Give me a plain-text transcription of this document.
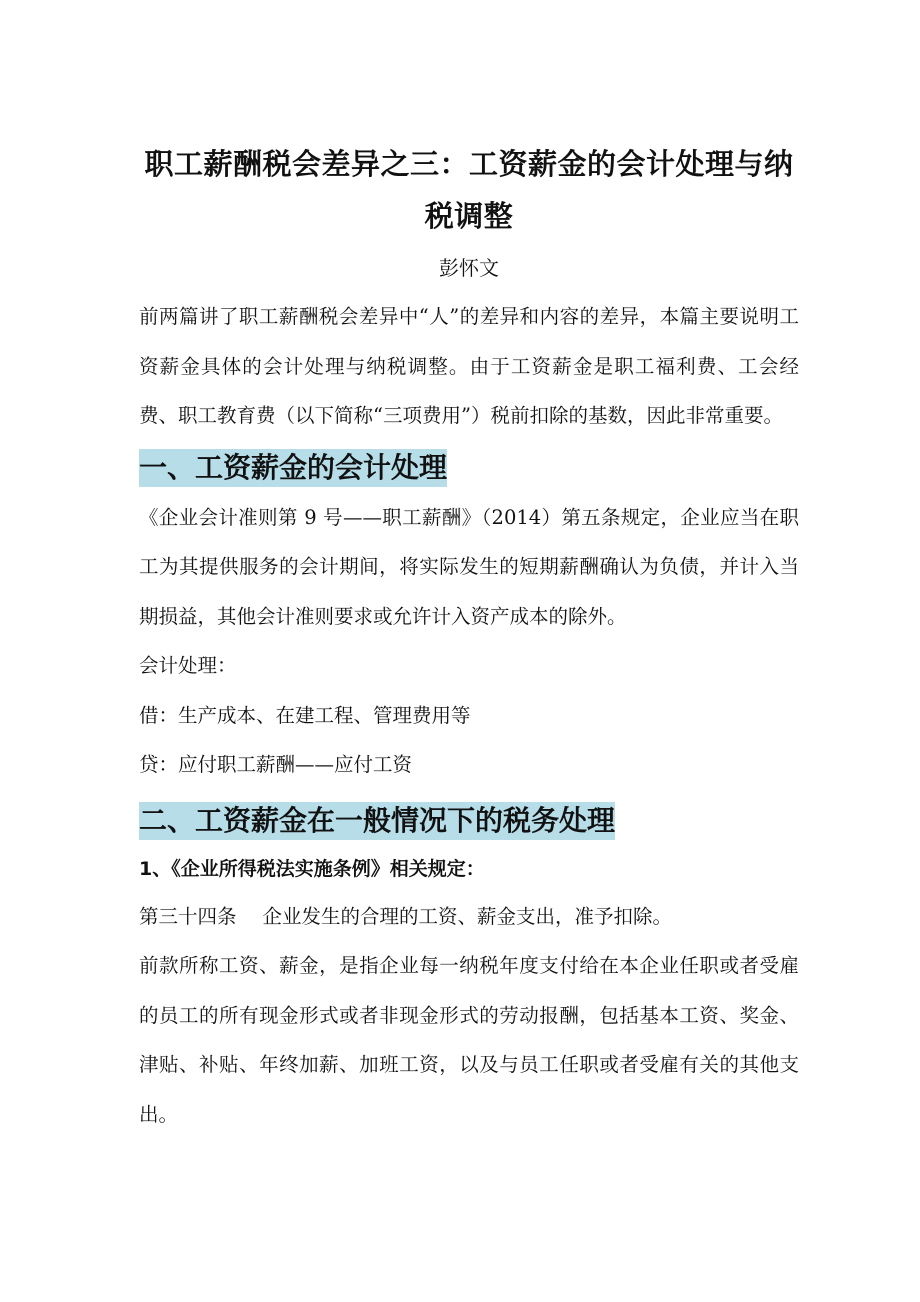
职工薪酬税会差异之三：工资薪金的会计处理与纳税调整
彭怀文

前两篇讲了职工薪酬税会差异中“人”的差异和内容的差异，本篇主要说明工资薪金具体的会计处理与纳税调整。由于工资薪金是职工福利费、工会经费、职工教育费（以下简称“三项费用”）税前扣除的基数，因此非常重要。

一、工资薪金的会计处理

《企业会计准则第 9 号——职工薪酬》（2014）第五条规定，企业应当在职工为其提供服务的会计期间，将实际发生的短期薪酬确认为负债，并计入当期损益，其他会计准则要求或允许计入资产成本的除外。

会计处理：

借：生产成本、在建工程、管理费用等

贷：应付职工薪酬——应付工资

二、工资薪金在一般情况下的税务处理
1、《企业所得税法实施条例》相关规定：

第三十四条 企业发生的合理的工资、薪金支出，准予扣除。

前款所称工资、薪金，是指企业每一纳税年度支付给在本企业任职或者受雇的员工的所有现金形式或者非现金形式的劳动报酬，包括基本工资、奖金、津贴、补贴、年终加薪、加班工资，以及与员工任职或者受雇有关的其他支出。
